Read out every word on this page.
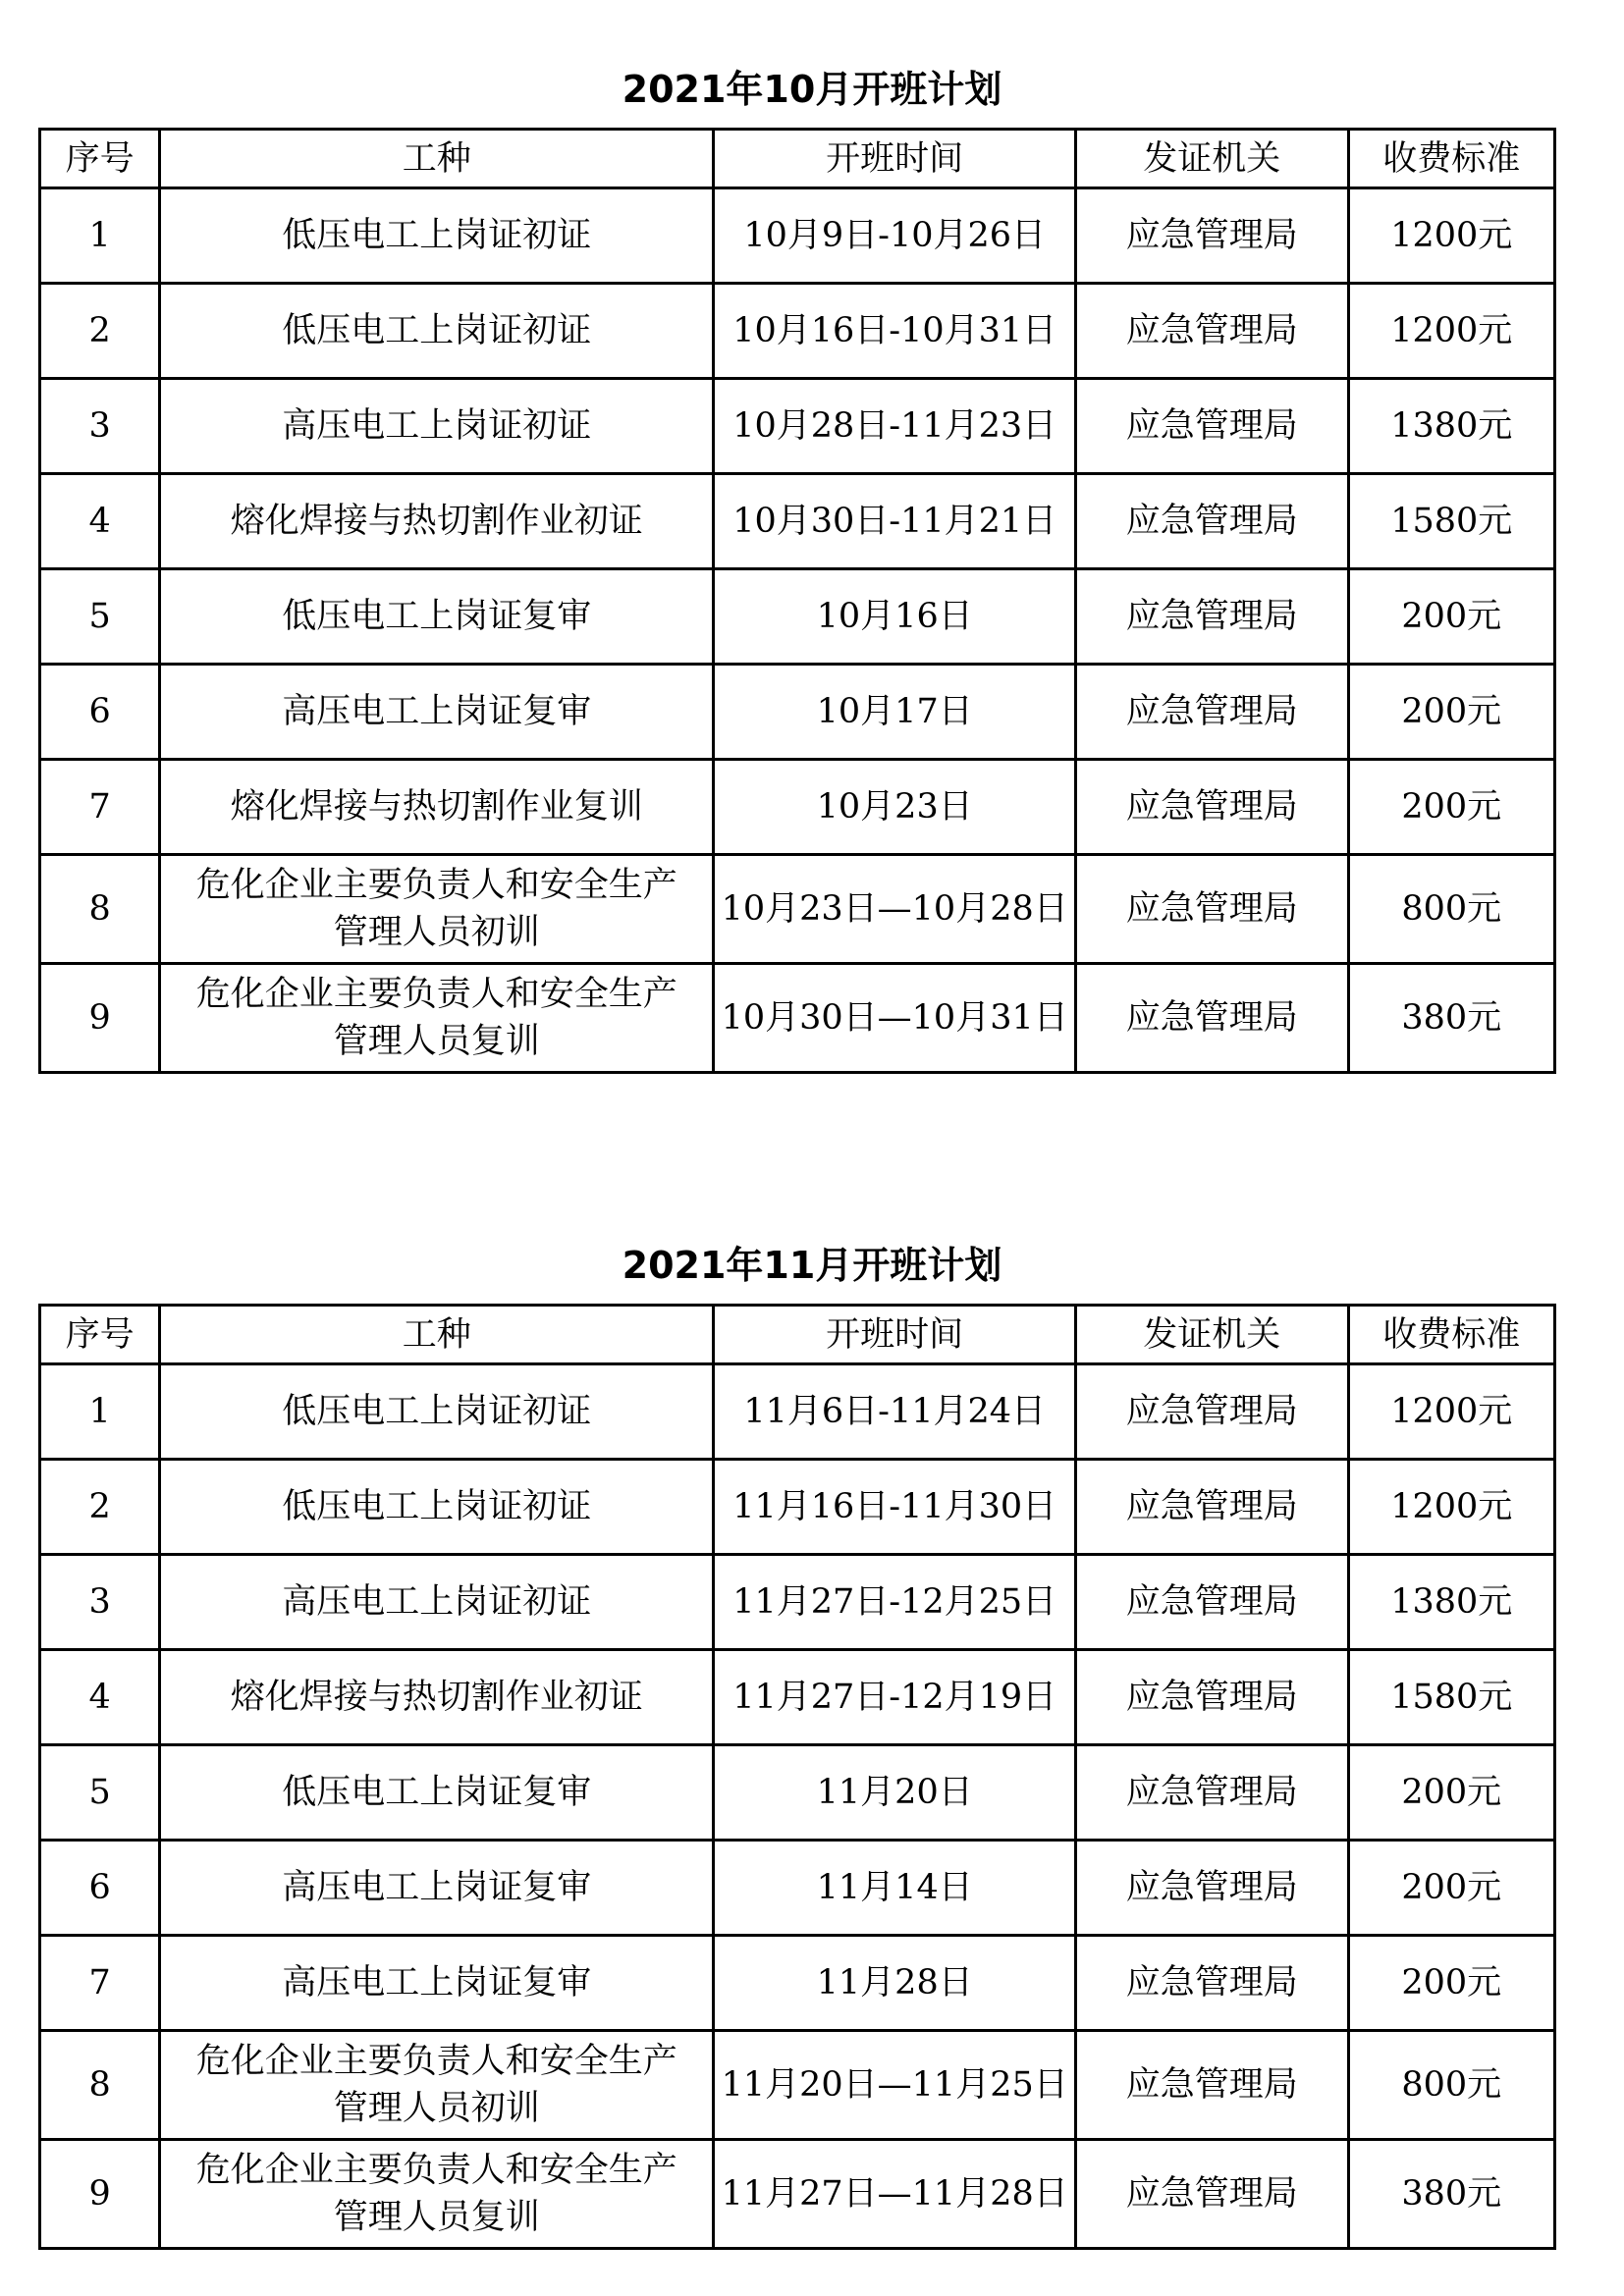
2021年10月开班计划
序号	工种	开班时间	发证机关	收费标准
1	低压电工上岗证初证	10月9日-10月26日	应急管理局	1200元
2	低压电工上岗证初证	10月16日-10月31日	应急管理局	1200元
3	高压电工上岗证初证	10月28日-11月23日	应急管理局	1380元
4	熔化焊接与热切割作业初证	10月30日-11月21日	应急管理局	1580元
5	低压电工上岗证复审	10月16日	应急管理局	200元
6	高压电工上岗证复审	10月17日	应急管理局	200元
7	熔化焊接与热切割作业复训	10月23日	应急管理局	200元
8	危化企业主要负责人和安全生产
管理人员初训	10月23日—10月28日	应急管理局	800元
9	危化企业主要负责人和安全生产
管理人员复训	10月30日—10月31日	应急管理局	380元
2021年11月开班计划
序号	工种	开班时间	发证机关	收费标准
1	低压电工上岗证初证	11月6日-11月24日	应急管理局	1200元
2	低压电工上岗证初证	11月16日-11月30日	应急管理局	1200元
3	高压电工上岗证初证	11月27日-12月25日	应急管理局	1380元
4	熔化焊接与热切割作业初证	11月27日-12月19日	应急管理局	1580元
5	低压电工上岗证复审	11月20日	应急管理局	200元
6	高压电工上岗证复审	11月14日	应急管理局	200元
7	高压电工上岗证复审	11月28日	应急管理局	200元
8	危化企业主要负责人和安全生产
管理人员初训	11月20日—11月25日	应急管理局	800元
9	危化企业主要负责人和安全生产
管理人员复训	11月27日—11月28日	应急管理局	380元
